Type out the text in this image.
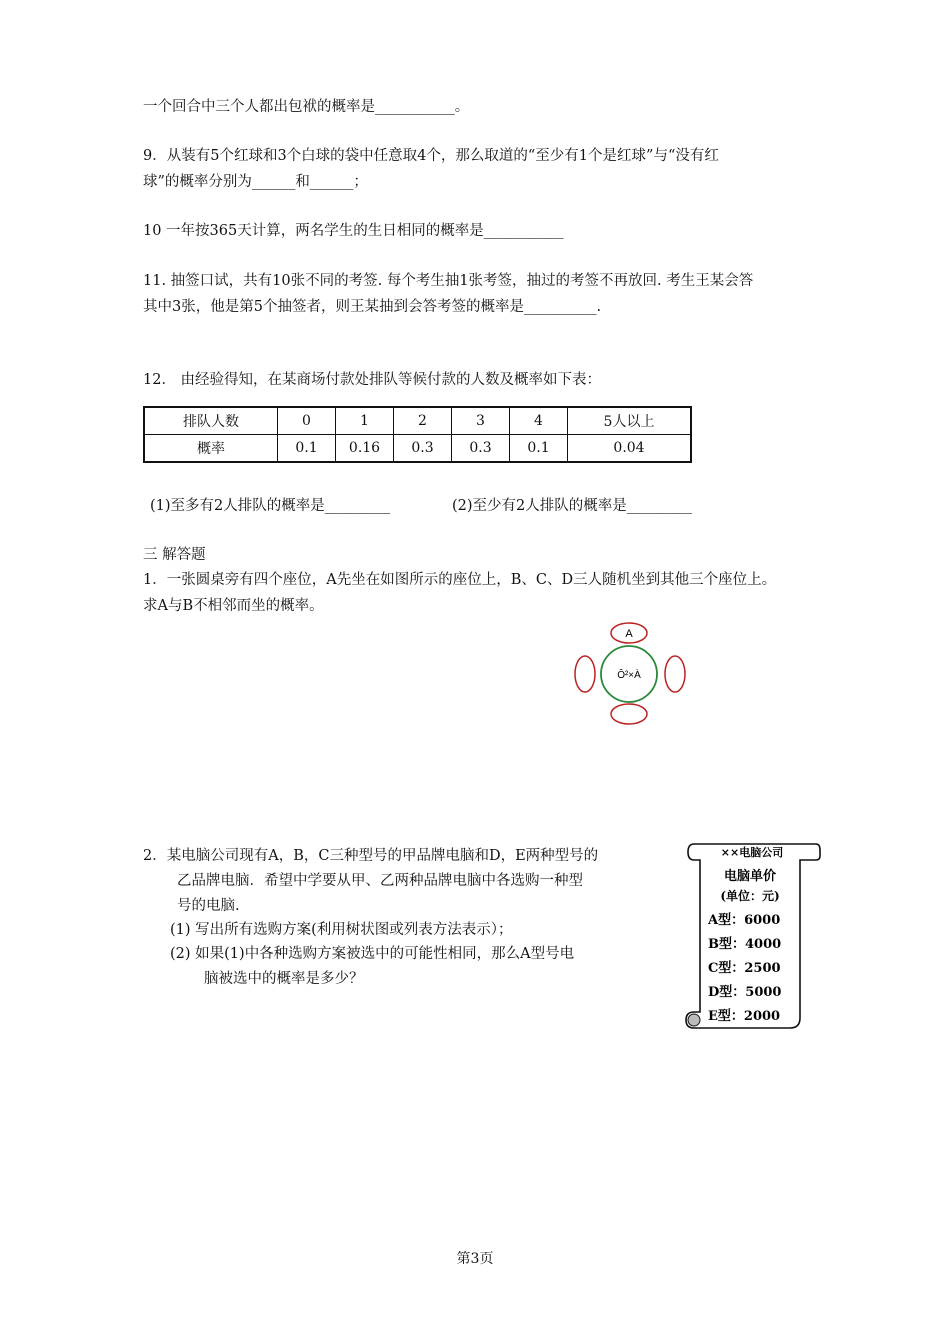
一个回合中三个人都出包袱的概率是___________。
9．从装有5个红球和3个白球的袋中任意取4个，那么取道的“至少有1个是红球”与“没有红
球”的概率分别为______和______；
10 一年按365天计算，两名学生的生日相同的概率是___________
11. 抽签口试，共有10张不同的考签. 每个考生抽1张考签，抽过的考签不再放回. 考生王某会答
其中3张，他是第5个抽签者，则王某抽到会答考签的概率是__________.
12． 由经验得知，在某商场付款处排队等候付款的人数及概率如下表：
排队人数	0	1	2	3	4	5人以上
概率	0.1	0.16	0.3	0.3	0.1	0.04
(1)至多有2人排队的概率是_________	(2)至少有2人排队的概率是_________
三 解答题
1．一张圆桌旁有四个座位，A先坐在如图所示的座位上，B、C、D三人随机坐到其他三个座位上。
求A与B不相邻而坐的概率。
A
Ô²×À
2．某电脑公司现有A，B，C三种型号的甲品牌电脑和D，E两种型号的
乙品牌电脑．希望中学要从甲、乙两种品牌电脑中各选购一种型
号的电脑.
(1) 写出所有选购方案(利用树状图或列表方法表示）；
(2) 如果(1)中各种选购方案被选中的可能性相同，那么A型号电
脑被选中的概率是多少？
××电脑公司
电脑单价
(单位：元)
A型：6000
B型：4000
C型：2500
D型：5000
E型：2000
第3页
